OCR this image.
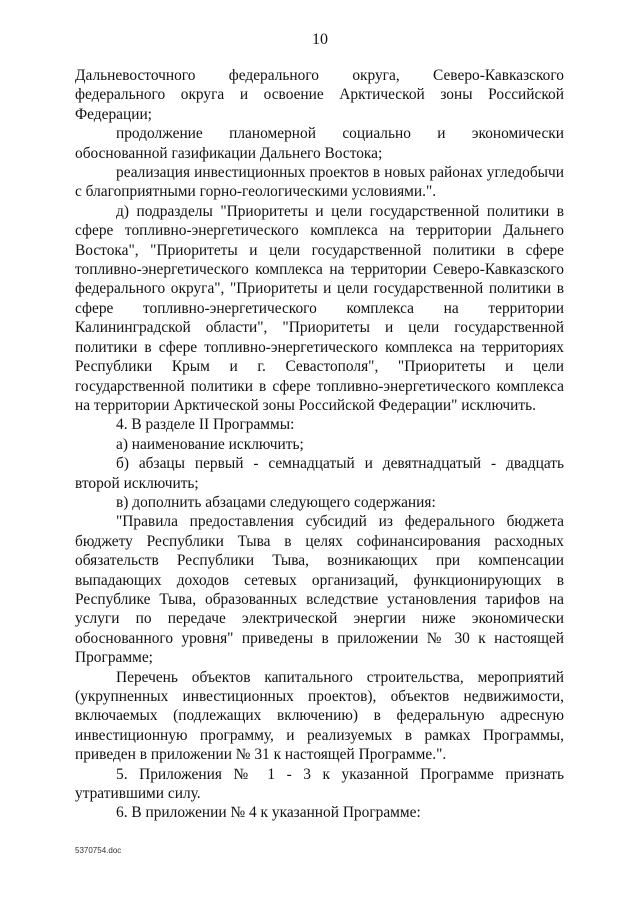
10

Дальневосточного федерального округа, Северо-Кавказского федерального округа и освоение Арктической зоны Российской Федерации;

продолжение планомерной социально и экономически обоснованной газификации Дальнего Востока;

реализация инвестиционных проектов в новых районах угледобычи с благоприятными горно-геологическими условиями.".

д) подразделы "Приоритеты и цели государственной политики в сфере топливно-энергетического комплекса на территории Дальнего Востока", "Приоритеты и цели государственной политики в сфере топливно-энергетического комплекса на территории Северо-Кавказского федерального округа", "Приоритеты и цели государственной политики в сфере топливно-энергетического комплекса на территории Калининградской области", "Приоритеты и цели государственной политики в сфере топливно-энергетического комплекса на территориях Республики Крым и г. Севастополя", "Приоритеты и цели государственной политики в сфере топливно-энергетического комплекса на территории Арктической зоны Российской Федерации" исключить.

4. В разделе II Программы:

а) наименование исключить;

б) абзацы первый - семнадцатый и девятнадцатый - двадцать второй исключить;

в) дополнить абзацами следующего содержания:

"Правила предоставления субсидий из федерального бюджета бюджету Республики Тыва в целях софинансирования расходных обязательств Республики Тыва, возникающих при компенсации выпадающих доходов сетевых организаций, функционирующих в Республике Тыва, образованных вследствие установления тарифов на услуги по передаче электрической энергии ниже экономически обоснованного уровня" приведены в приложении № 30 к настоящей Программе;

Перечень объектов капитального строительства, мероприятий (укрупненных инвестиционных проектов), объектов недвижимости, включаемых (подлежащих включению) в федеральную адресную инвестиционную программу, и реализуемых в рамках Программы, приведен в приложении № 31 к настоящей Программе.".

5. Приложения № 1 - 3 к указанной Программе признать утратившими силу.

6. В приложении № 4 к указанной Программе:

5370754.doc
